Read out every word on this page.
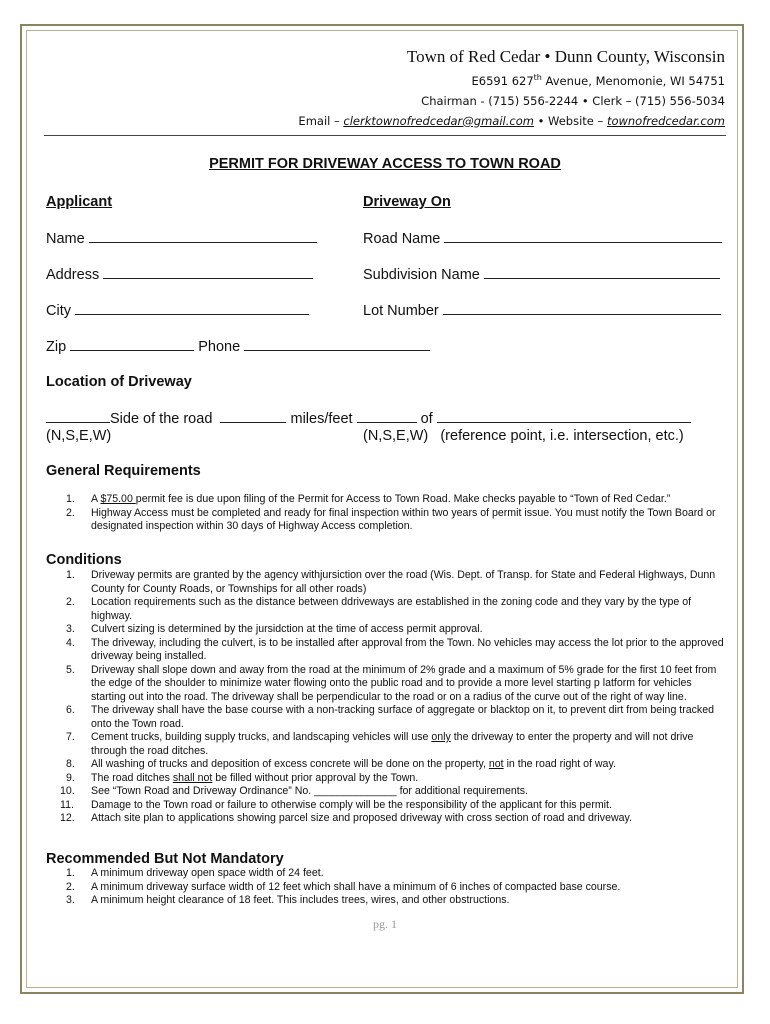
Town of Red Cedar • Dunn County, Wisconsin
E6591 627th Avenue, Menomonie, WI 54751
Chairman - (715) 556-2244 • Clerk – (715) 556-5034
Email – clerktownofredcedar@gmail.com • Website – townofredcedar.com
PERMIT FOR DRIVEWAY ACCESS TO TOWN ROAD
Applicant
Name
Address
City
Zip	Phone
Driveway On
Road Name
Subdivision Name
Lot Number
Location of Driveway
Side of the road	miles/feet	of
(N,S,E,W)	(N,S,E,W) (reference point, i.e. intersection, etc.)
General Requirements
1. A $75.00 permit fee is due upon filing of the Permit for Access to Town Road. Make checks payable to “Town of Red Cedar.”
2. Highway Access must be completed and ready for final inspection within two years of permit issue. You must notify the Town Board or designated inspection within 30 days of Highway Access completion.
Conditions
1. Driveway permits are granted by the agency withjursiction over the road (Wis. Dept. of Transp. for State and Federal Highways, Dunn County for County Roads, or Townships for all other roads)
2. Location requirements such as the distance between ddriveways are established in the zoning code and they vary by the type of highway.
3. Culvert sizing is determined by the jursidction at the time of access permit approval.
4. The driveway, including the culvert, is to be installed after approval from the Town. No vehicles may access the lot prior to the approved driveway being installed.
5. Driveway shall slope down and away from the road at the minimum of 2% grade and a maximum of 5% grade for the first 10 feet from the edge of the shoulder to minimize water flowing onto the public road and to provide a more level starting p latform for vehicles starting out into the road. The driveway shall be perpendicular to the road or on a radius of the curve out of the right of way line.
6. The driveway shall have the base course with a non-tracking surface of aggregate or blacktop on it, to prevent dirt from being tracked onto the Town road.
7. Cement trucks, building supply trucks, and landscaping vehicles will use only the driveway to enter the property and will not drive through the road ditches.
8. All washing of trucks and deposition of excess concrete will be done on the property, not in the road right of way.
9. The road ditches shall not be filled without prior approval by the Town.
10. See “Town Road and Driveway Ordinance” No. ______________ for additional requirements.
11. Damage to the Town road or failure to otherwise comply will be the responsibility of the applicant for this permit.
12. Attach site plan to applications showing parcel size and proposed driveway with cross section of road and driveway.
Recommended But Not Mandatory
1. A minimum driveway open space width of 24 feet.
2. A minimum driveway surface width of 12 feet which shall have a minimum of 6 inches of compacted base course.
3. A minimum height clearance of 18 feet. This includes trees, wires, and other obstructions.
pg. 1
